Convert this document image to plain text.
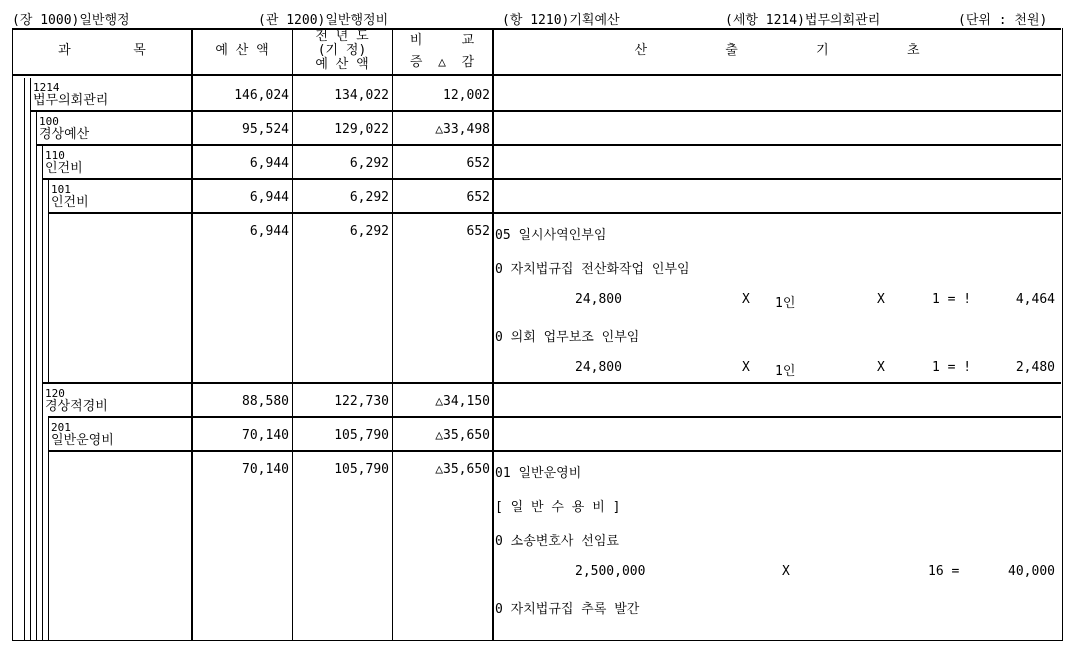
(장 1000)일반행정	(관 1200)일반행정비	(항 1210)기획예산	(세항 1214)법무의회관리	(단위 : 천원)
과        목	예 산 액
전 년 도
(기 정)
예 산 액
비     교
증  △  감
산          출          기          초
1214
법무의회관리	146,024	134,022	12,002
100
경상예산	95,524	129,022	△33,498
110
인건비	6,944	6,292	652
101
인건비	6,944	6,292	652
6,944	6,292	652 05 일시사역인부임
0 자치법규집 전산화작업 인부임
24,800	X 1인	X	1 = !	4,464
0 의회 업무보조 인부임
24,800	X 1인	X	1 = !	2,480
120
경상적경비	88,580	122,730	△34,150
201
일반운영비	70,140	105,790	△35,650
70,140	105,790	△35,650 01 일반운영비
[ 일 반 수 용 비 ]
0 소송변호사 선임료
2,500,000	X	16 =	40,000
0 자치법규집 추록 발간
